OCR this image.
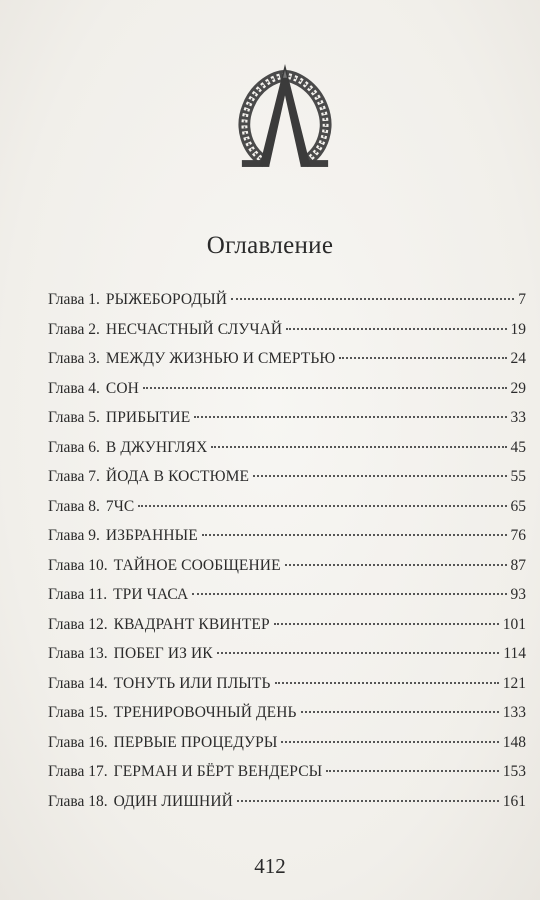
Оглавление
Глава 1. РЫЖЕБОРОДЫЙ	7
Глава 2. НЕСЧАСТНЫЙ СЛУЧАЙ	19
Глава 3. МЕЖДУ ЖИЗНЬЮ И СМЕРТЬЮ	24
Глава 4. СОН	29
Глава 5. ПРИБЫТИЕ	33
Глава 6. В ДЖУНГЛЯХ	45
Глава 7. ЙОДА В КОСТЮМЕ	55
Глава 8. 7ЧС	65
Глава 9. ИЗБРАННЫЕ	76
Глава 10. ТАЙНОЕ СООБЩЕНИЕ	87
Глава 11. ТРИ ЧАСА	93
Глава 12. КВАДРАНТ КВИНТЕР	101
Глава 13. ПОБЕГ ИЗ ИК	114
Глава 14. ТОНУТЬ ИЛИ ПЛЫТЬ	121
Глава 15. ТРЕНИРОВОЧНЫЙ ДЕНЬ	133
Глава 16. ПЕРВЫЕ ПРОЦЕДУРЫ	148
Глава 17. ГЕРМАН И БЁРТ ВЕНДЕРСЫ	153
Глава 18. ОДИН ЛИШНИЙ	161
412
